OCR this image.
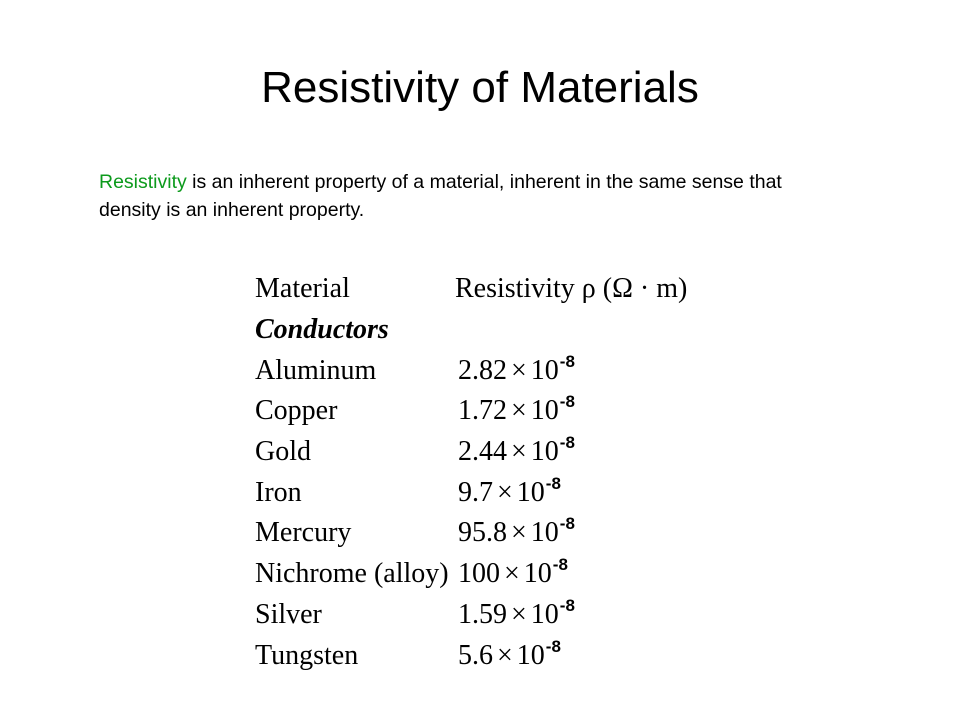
Resistivity of Materials

Resistivity is an inherent property of a material, inherent in the same sense that density is an inherent property.

Material	Resistivity ρ (Ω · m)
Conductors
Aluminum	$2.82 \times 10^{-8}$
Copper	$1.72 \times 10^{-8}$
Gold	$2.44 \times 10^{-8}$
Iron	$9.7 \times 10^{-8}$
Mercury	$95.8 \times 10^{-8}$
Nichrome (alloy) $100 \times 10^{-8}$
Silver	$1.59 \times 10^{-8}$
Tungsten	$5.6 \times 10^{-8}$
